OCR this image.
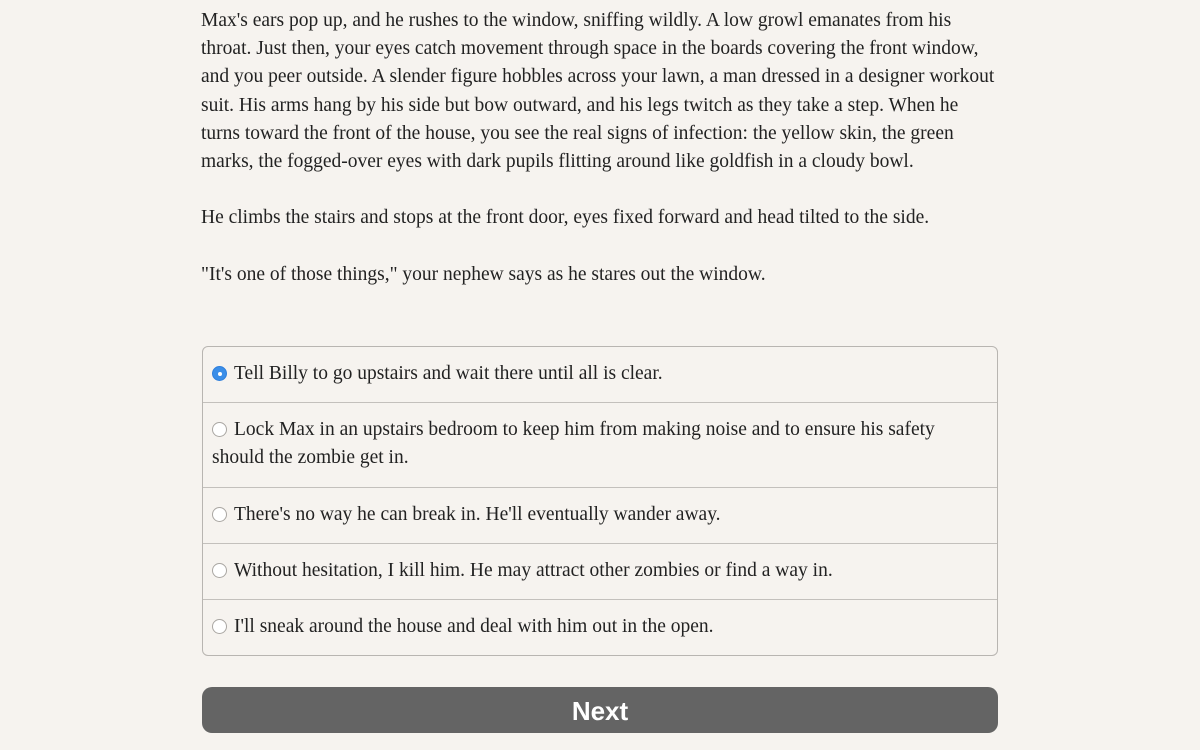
Max's ears pop up, and he rushes to the window, sniffing wildly. A low growl emanates from his throat. Just then, your eyes catch movement through space in the boards covering the front window, and you peer outside. A slender figure hobbles across your lawn, a man dressed in a designer workout suit. His arms hang by his side but bow outward, and his legs twitch as they take a step. When he turns toward the front of the house, you see the real signs of infection: the yellow skin, the green marks, the fogged-over eyes with dark pupils flitting around like goldfish in a cloudy bowl.

He climbs the stairs and stops at the front door, eyes fixed forward and head tilted to the side.

"It's one of those things," your nephew says as he stares out the window.

Tell Billy to go upstairs and wait there until all is clear.
Lock Max in an upstairs bedroom to keep him from making noise and to ensure his safety should the zombie get in.
There's no way he can break in. He'll eventually wander away.
Without hesitation, I kill him. He may attract other zombies or find a way in.
I'll sneak around the house and deal with him out in the open.
Next
